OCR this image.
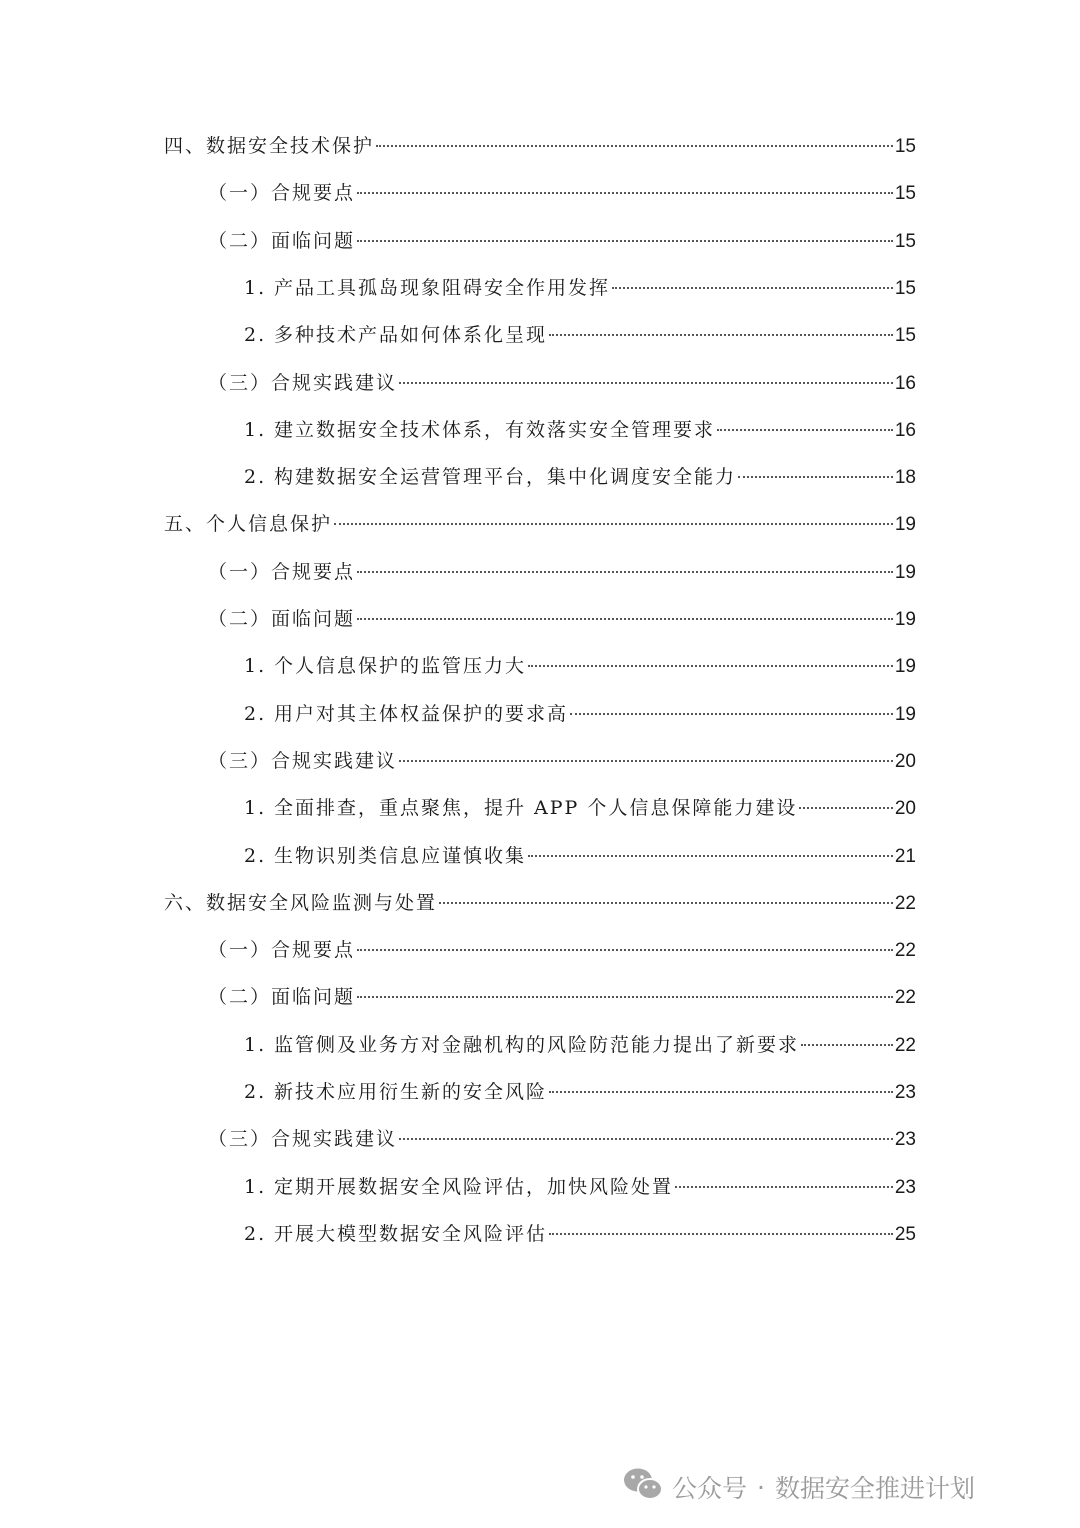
四、数据安全技术保护	15
（一）合规要点	15
（二）面临问题	15
1. 产品工具孤岛现象阻碍安全作用发挥	15
2. 多种技术产品如何体系化呈现	15
（三）合规实践建议	16
1. 建立数据安全技术体系，有效落实安全管理要求	16
2. 构建数据安全运营管理平台，集中化调度安全能力	18
五、个人信息保护	19
（一）合规要点	19
（二）面临问题	19
1. 个人信息保护的监管压力大	19
2. 用户对其主体权益保护的要求高	19
（三）合规实践建议	20
1. 全面排查，重点聚焦，提升 APP 个人信息保障能力建设	20
2. 生物识别类信息应谨慎收集	21
六、数据安全风险监测与处置	22
（一）合规要点	22
（二）面临问题	22
1. 监管侧及业务方对金融机构的风险防范能力提出了新要求	22
2. 新技术应用衍生新的安全风险	23
（三）合规实践建议	23
1. 定期开展数据安全风险评估，加快风险处置	23
2. 开展大模型数据安全风险评估	25
公众号 · 数据安全推进计划
